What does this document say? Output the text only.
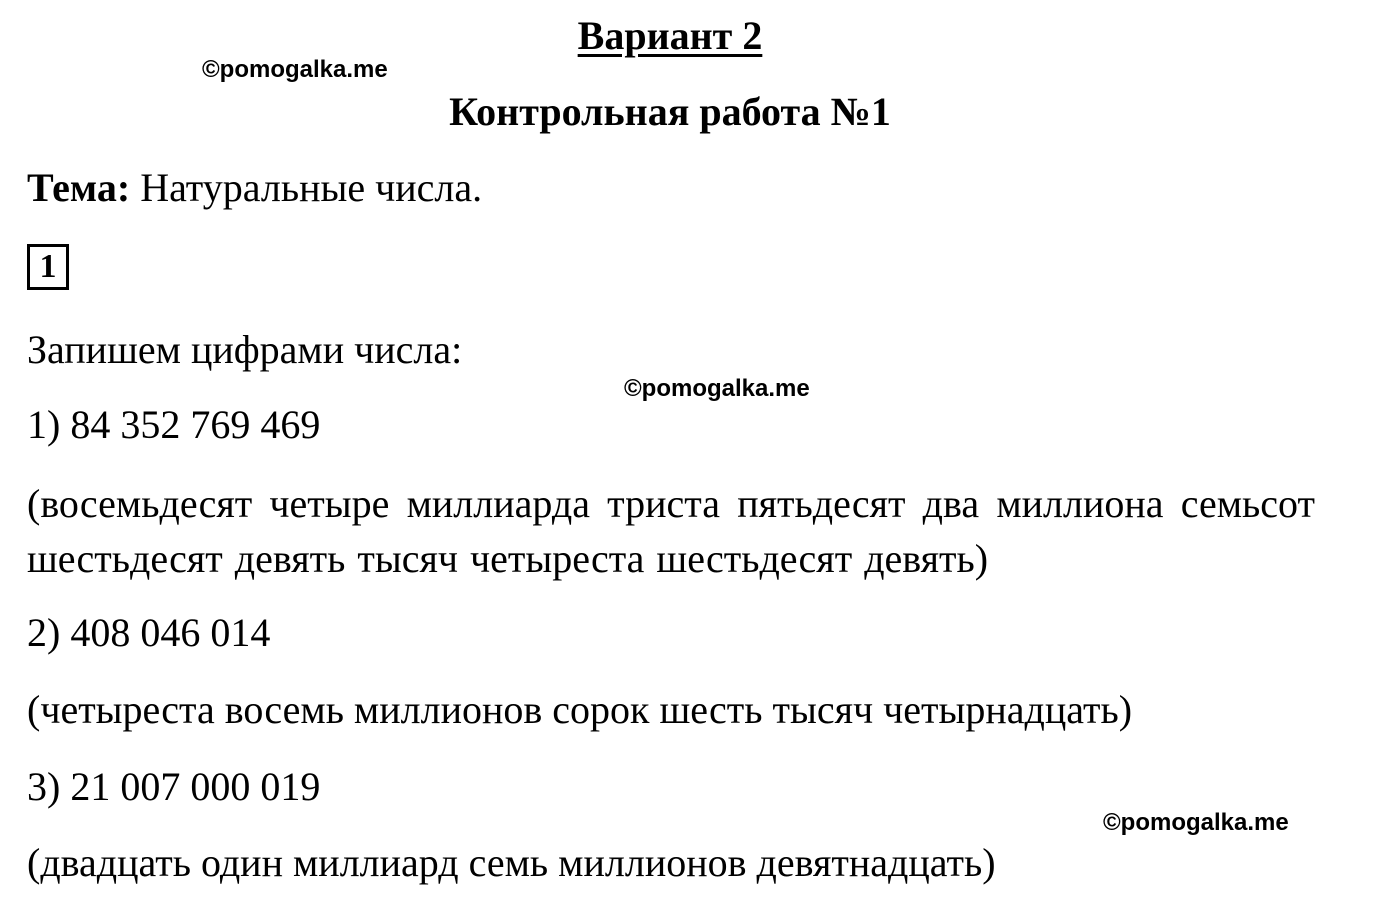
Вариант 2
©pomogalka.me
Контрольная работа №1

Тема: Натуральные числа.

1

Запишем цифрами числа:

©pomogalka.me

1) 84 352 769 469

(восемьдесят четыре миллиарда триста пятьдесят два миллиона семьсот шестьдесят девять тысяч четыреста шестьдесят девять)

2) 408 046 014

(четыреста восемь миллионов сорок шесть тысяч четырнадцать)

3) 21 007 000 019

©pomogalka.me

(двадцать один миллиард семь миллионов девятнадцать)
